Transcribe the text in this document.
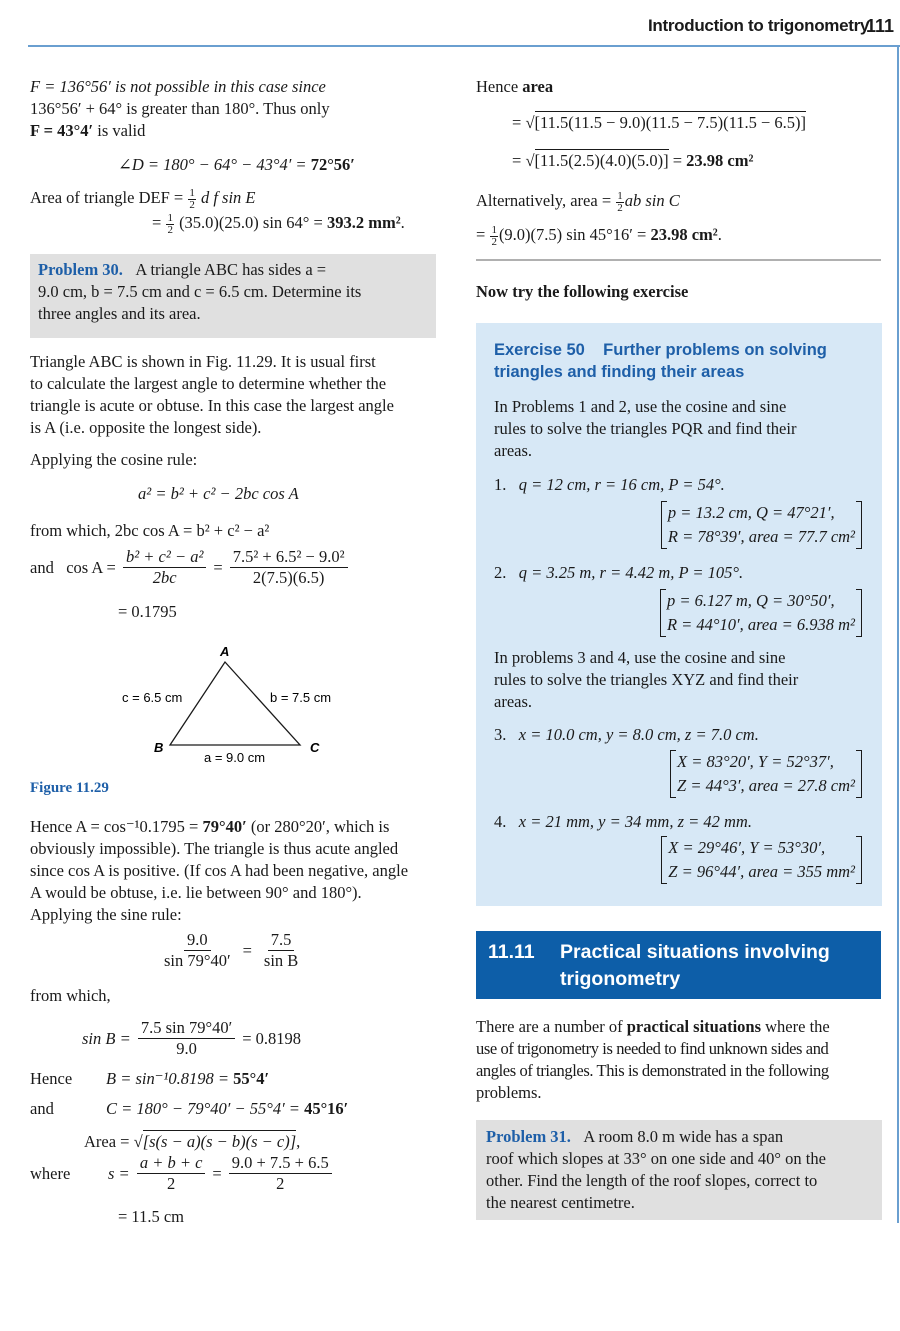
Introduction to trigonometry
111
F = 136°56′ is not possible in this case since
136°56′ + 64° is greater than 180°. Thus only
F = 43°4′ is valid
∠D = 180° − 64° − 43°4′ = 72°56′
Area of triangle DEF = $\frac{1}{2}$ d f sin E
= $\frac{1}{2} (35.0)(25.0)$ sin 64° = 393.2 mm².
Problem 30. A triangle ABC has sides a =
9.0 cm, b = 7.5 cm and c = 6.5 cm. Determine its
three angles and its area.
Triangle ABC is shown in Fig. 11.29. It is usual first
to calculate the largest angle to determine whether the
triangle is acute or obtuse. In this case the largest angle
is A (i.e. opposite the longest side).
Applying the cosine rule:
a² = b² + c² − 2bc cos A
from which, 2bc cos A = b² + c² − a²
and   $\cos A = \frac{\text{b² + c² − a²}}{2bc} = \frac{\text{7.5² + 6.5² − 9.0²}}{2(7.5)(6.5)}$
= 0.1795
A
B	C
c = 6.5 cm	b = 7.5 cm
a = 9.0 cm
Figure 11.29
Hence A = cos⁻¹0.1795 = 79°40′ (or 280°20′, which is
obviously impossible). The triangle is thus acute angled
since cos A is positive. (If cos A had been negative, angle
A would be obtuse, i.e. lie between 90° and 180°).
Applying the sine rule:
$\frac{9.0}{\sin 79^\circ 40'} = \frac{7.5}{\text{sin B}}$
from which,
$\sin B = \frac{7.5 \sin 79^\circ 40'}{9.0} = 0.8198$
Hence B = sin⁻¹0.8198 = 55°4′
and	C = 180° − 79°40′ − 55°4′ = 45°16′
Area = √[s(s − a)(s − b)(s − c)],
where	$s = \frac{a + b + c}{2} = \frac{9.0 + 7.5 + 6.5}{2}$
= 11.5 cm
Hence area
= √[11.5(11.5 − 9.0)(11.5 − 7.5)(11.5 − 6.5)]
= √[11.5(2.5)(4.0)(5.0)] = 23.98 cm²
Alternatively, area = $\frac{1}{2}$ ab sin C
= $\frac{1}{2} (9.0)(7.5)$ sin 45°16′ = 23.98 cm².
Now try the following exercise
Exercise 50    Further problems on solving
triangles and finding their areas
In Problems 1 and 2, use the cosine and sine
rules to solve the triangles PQR and find their
areas.
1. q = 12 cm, r = 16 cm, P = 54°.
p = 13.2 cm, Q = 47°21′,
R = 78°39′, area = 77.7 cm²
2. q = 3.25 m, r = 4.42 m, P = 105°.
p = 6.127 m, Q = 30°50′,
R = 44°10′, area = 6.938 m²
In problems 3 and 4, use the cosine and sine
rules to solve the triangles XYZ and find their
areas.
3. x = 10.0 cm, y = 8.0 cm, z = 7.0 cm.
X = 83°20′, Y = 52°37′,
Z = 44°3′, area = 27.8 cm²
4. x = 21 mm, y = 34 mm, z = 42 mm.
X = 29°46′, Y = 53°30′,
Z = 96°44′, area = 355 mm²
11.11 Practical situations involving
trigonometry
There are a number of practical situations where the
use of trigonometry is needed to find unknown sides and
angles of triangles. This is demonstrated in the following
problems.
Problem 31. A room 8.0 m wide has a span
roof which slopes at 33° on one side and 40° on the
other. Find the length of the roof slopes, correct to
the nearest centimetre.
